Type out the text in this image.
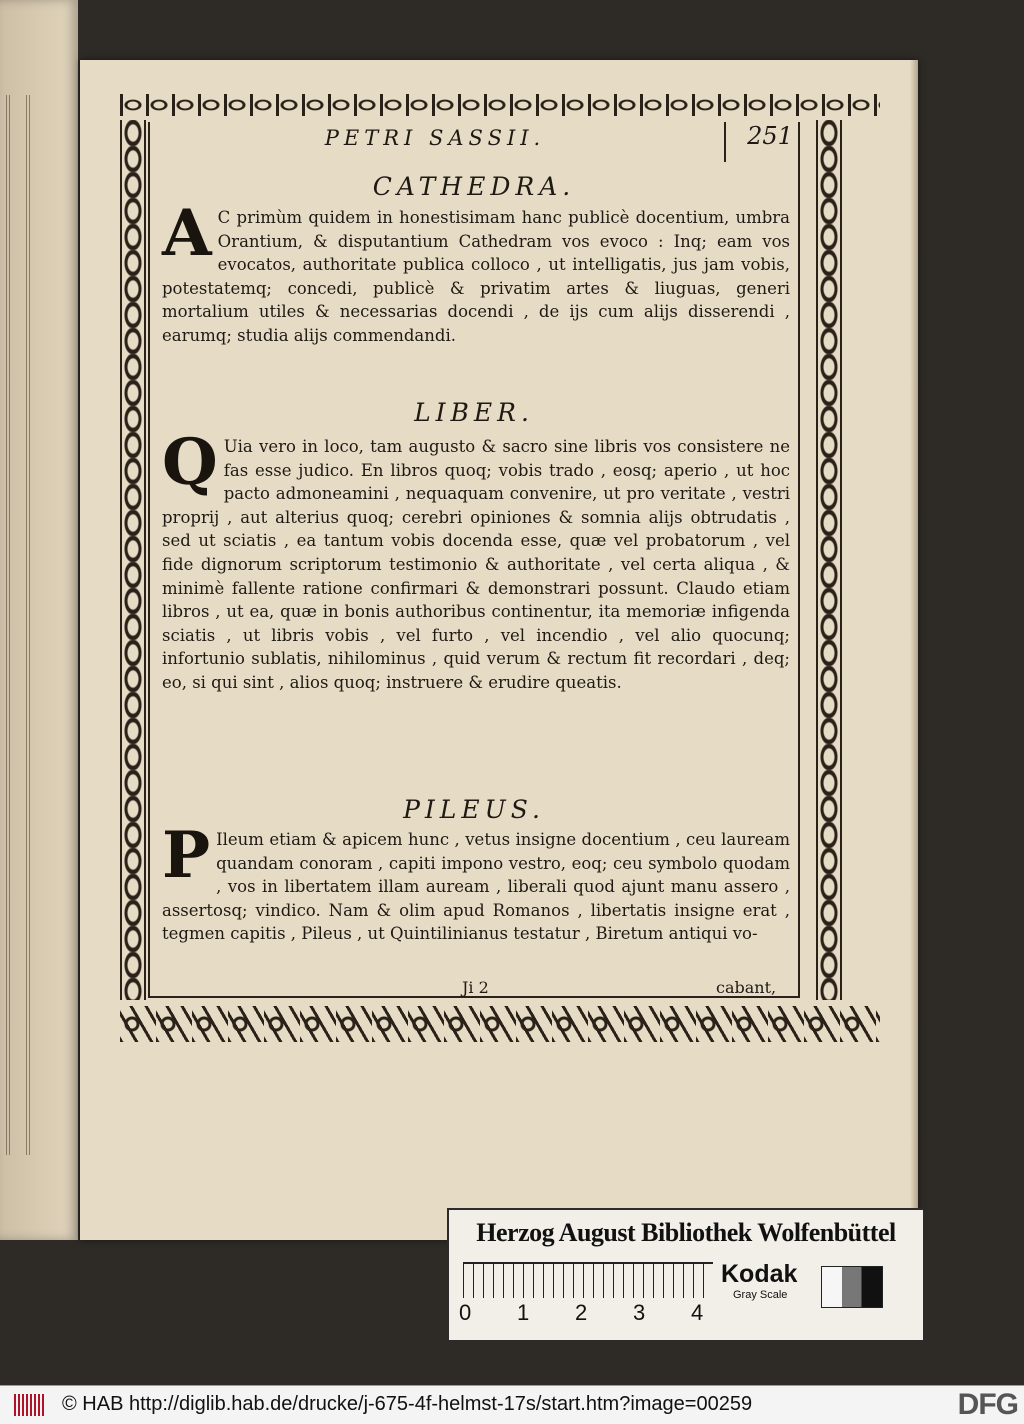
PETRI SASSII.	251
CATHEDRA.
A C primùm quidem in honestisimam hanc publicè docentium, umbra Orantium, & disputantium Cathedram vos evoco : Inq; eam vos evocatos, authoritate publica colloco , ut intelligatis, jus jam vobis, potestatemq; concedi, publicè & privatim artes & liuguas, generi mortalium utiles & necessarias docendi , de ijs cum alijs disserendi , earumq; studia alijs commendandi.
LIBER.
Q Uia vero in loco, tam augusto & sacro sine libris vos consistere ne fas esse judico. En libros quoq; vobis trado , eosq; aperio , ut hoc pacto admoneamini , nequaquam convenire, ut pro veritate , vestri proprij , aut alterius quoq; cerebri opiniones & somnia alijs obtrudatis , sed ut sciatis , ea tantum vobis docenda esse, quæ vel probatorum , vel fide dignorum scriptorum testimonio & authoritate , vel certa aliqua , & minimè fallente ratione confirmari & demonstrari possunt. Claudo etiam libros , ut ea, quæ in bonis authoribus continentur, ita memoriæ infigenda sciatis , ut libris vobis , vel furto , vel incendio , vel alio quocunq; infortunio sublatis, nihilominus , quid verum & rectum fit recordari , deq; eo, si qui sint , alios quoq; instruere & erudire queatis.
PILEUS.
P Ileum etiam & apicem hunc , vetus insigne docentium , ceu lauream quandam conoram , capiti impono vestro, eoq; ceu symbolo quodam , vos in libertatem illam auream , liberali quod ajunt manu assero , assertosq; vindico. Nam & olim apud Romanos , libertatis insigne erat , tegmen capitis , Pileus , ut Quintilinianus testatur , Biretum antiqui vo-
Ji 2	cabant,
Herzog August Bibliothek Wolfenbüttel
0 1 2 3 4
Kodak
Gray Scale
© HAB http://diglib.hab.de/drucke/j-675-4f-helmst-17s/start.htm?image=00259	DFG
